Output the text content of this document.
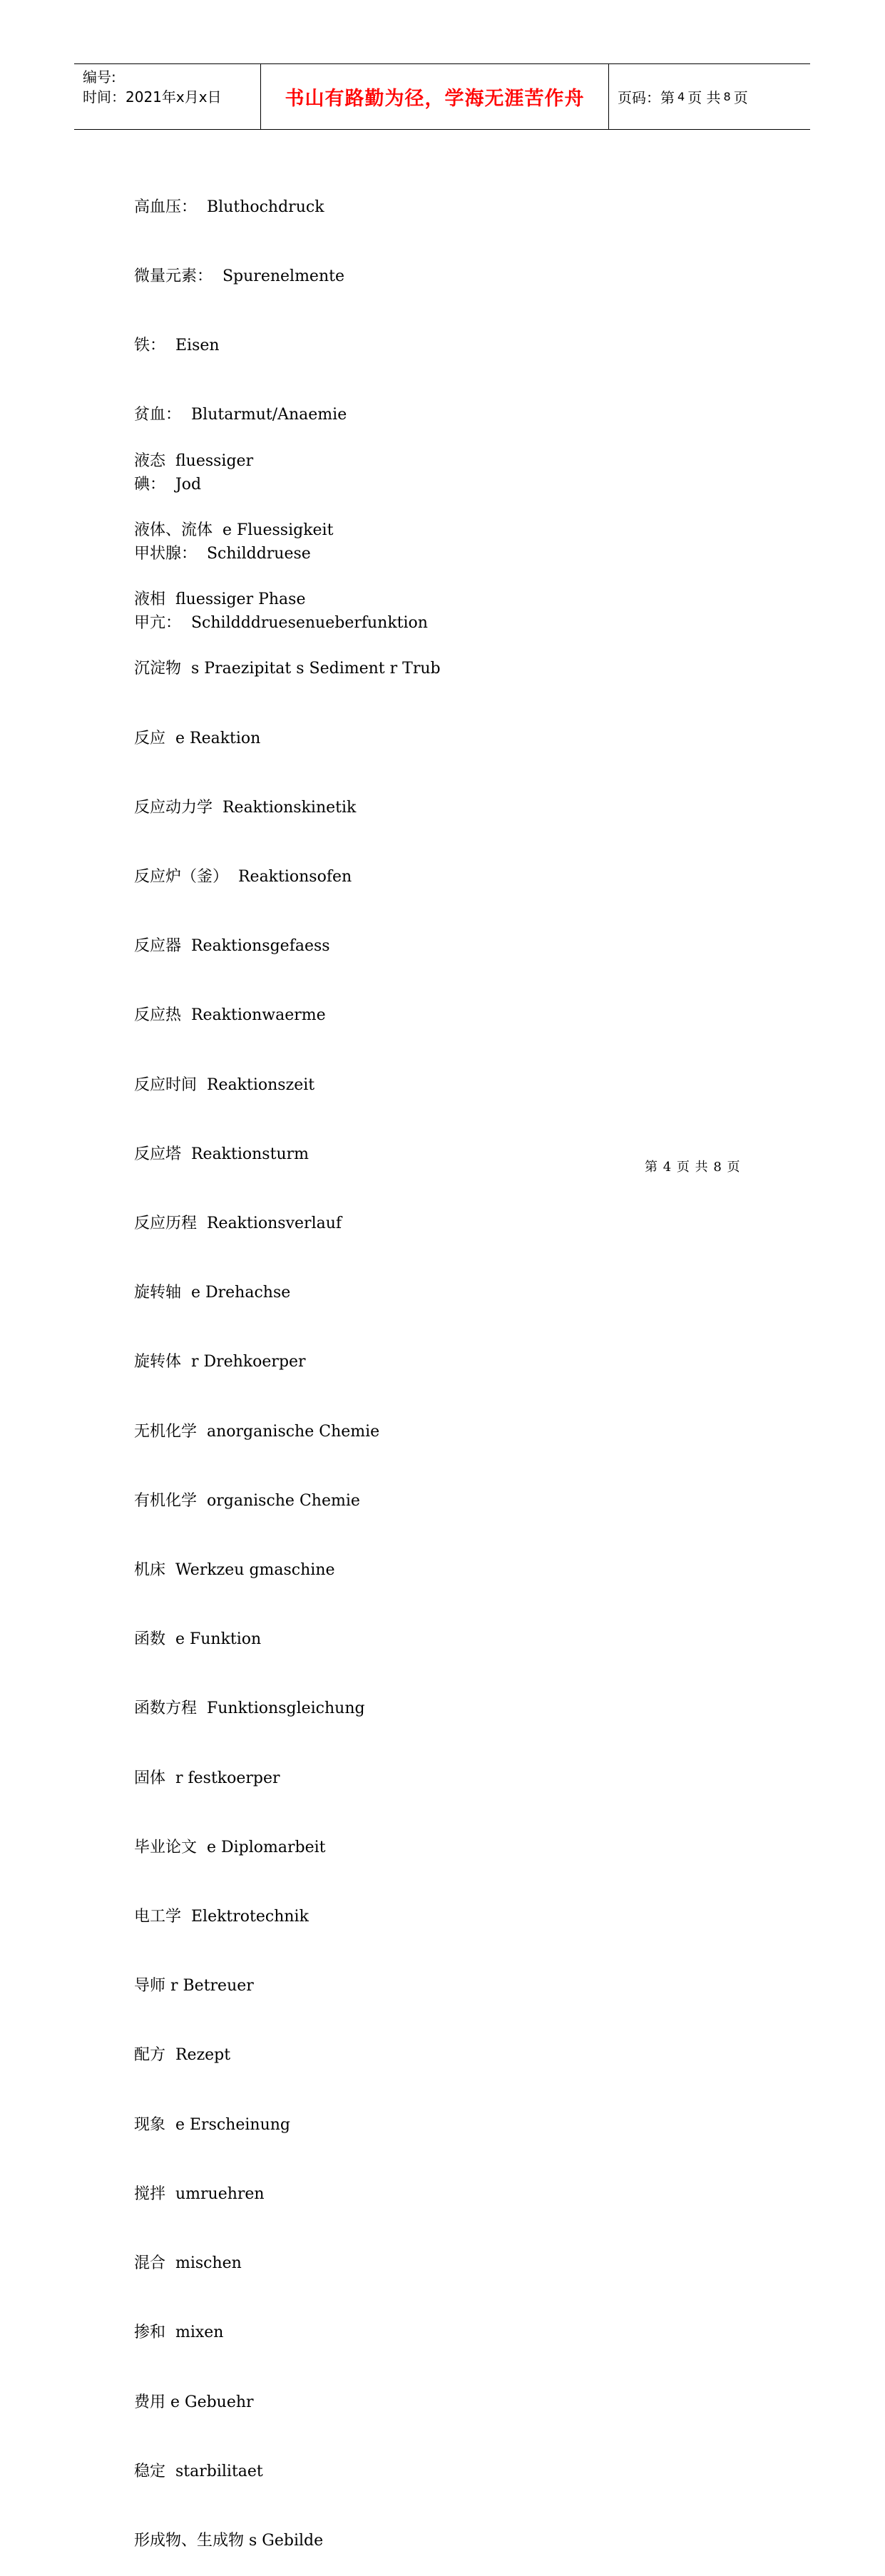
编号:
时间：2021年x月x日	书山有路勤为径，学海无涯苦作舟 页码：第 4 页 共 8 页

高血压：  Bluthochdruck

微量元素：  Spurenelmente

铁：  Eisen

贫血：  Blutarmut/Anaemie

碘：  Jod

甲状腺：  Schilddruese

甲亢：  Schildddruesenueberfunktion

液态  fluessiger

液体、流体  e Fluessigkeit

液相  fluessiger Phase

沉淀物  s Praezipitat s Sediment r Trub

反应  e Reaktion

反应动力学  Reaktionskinetik

反应炉（釜）  Reaktionsofen

反应器  Reaktionsgefaess

反应热  Reaktionwaerme

反应时间  Reaktionszeit

反应塔  Reaktionsturm

反应历程  Reaktionsverlauf

旋转轴  e Drehachse

旋转体  r Drehkoerper

无机化学  anorganische Chemie

有机化学  organische Chemie

机床  Werkzeu gmaschine

函数  e Funktion

函数方程  Funktionsgleichung

固体  r festkoerper

毕业论文  e Diplomarbeit

电工学  Elektrotechnik

导师 r Betreuer

配方  Rezept

现象  e Erscheinung

搅拌  umruehren

混合  mischen

掺和  mixen

费用 e Gebuehr

稳定  starbilitaet

形成物、生成物 s Gebilde

第 4 页 共 8 页
